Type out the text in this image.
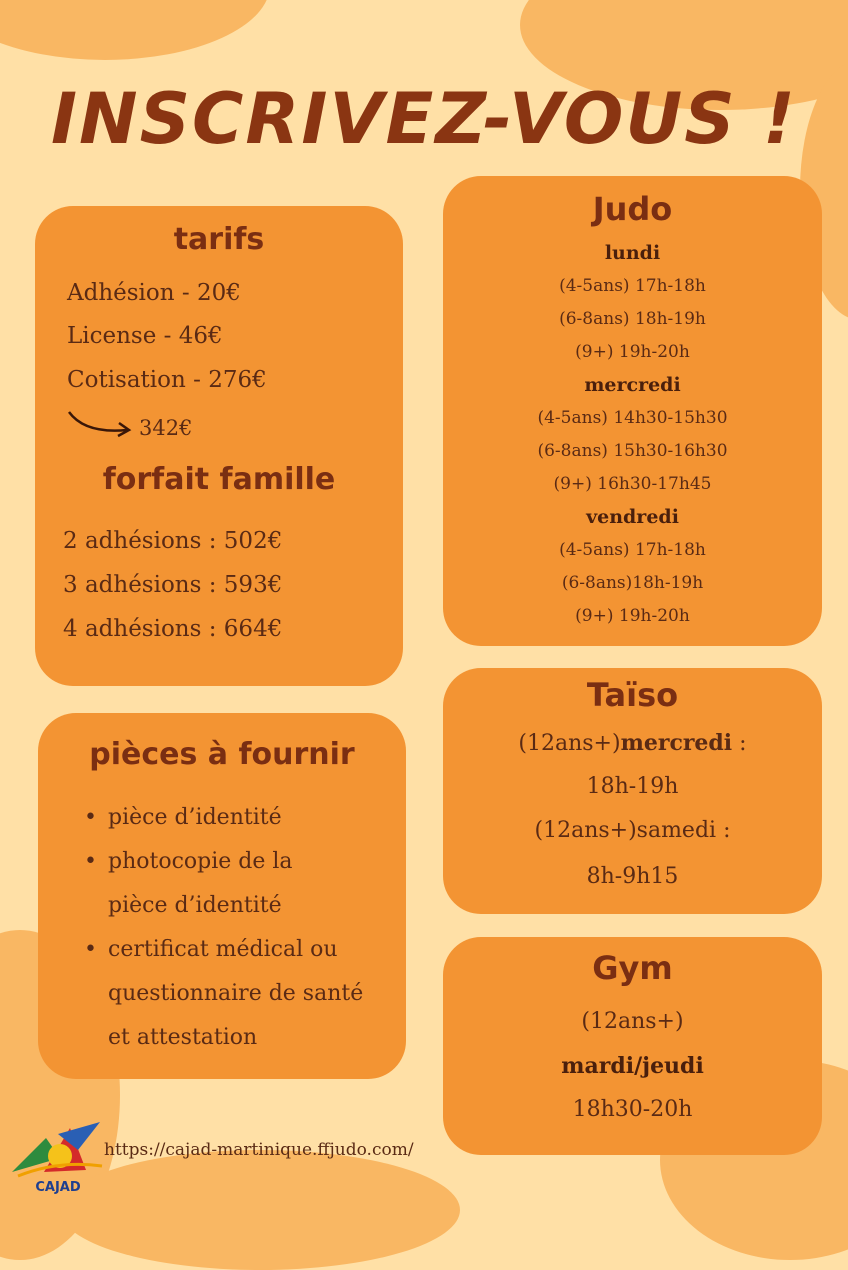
INSCRIVEZ-VOUS !
tarifs
Adhésion - 20€
License - 46€
Cotisation - 276€
342€
forfait famille
2 adhésions : 502€
3 adhésions : 593€
4 adhésions : 664€
pièces à fournir
• pièce d’identité
• photocopie de la pièce d’identité
• certificat médical ou questionnaire de santé et attestation
Judo
lundi
(4-5ans) 17h-18h
(6-8ans) 18h-19h
(9+) 19h-20h
mercredi
(4-5ans) 14h30-15h30
(6-8ans) 15h30-16h30
(9+) 16h30-17h45
vendredi
(4-5ans) 17h-18h
(6-8ans)18h-19h
(9+) 19h-20h
Taïso
(12ans+)mercredi :
18h-19h
(12ans+)samedi :
8h-9h15
Gym
(12ans+)
mardi/jeudi
18h30-20h
CAJAD
https://cajad-martinique.ffjudo.com/
